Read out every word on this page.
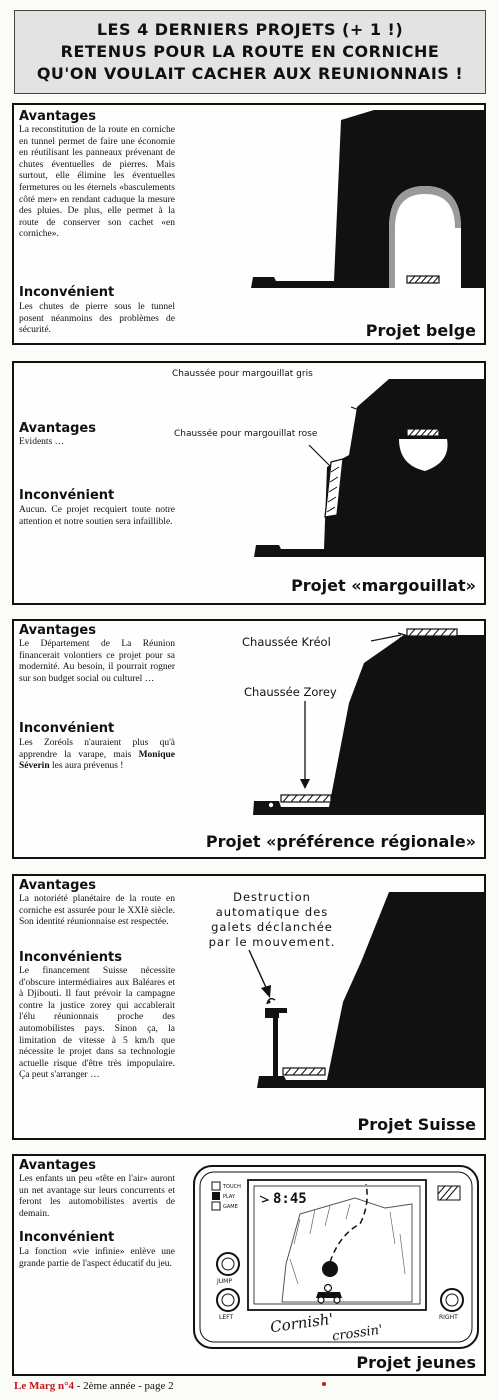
LES 4 DERNIERS PROJETS (+ 1 !)
RETENUS POUR LA ROUTE EN CORNICHE
QU'ON VOULAIT CACHER AUX REUNIONNAIS !
Avantages
La reconstitution de la route en corniche en tunnel permet de faire une économie en réutilisant les panneaux prévenant de chutes éventuelles de pierres. Mais surtout, elle élimine les éventuelles fermetures ou les éternels «basculements côté mer» en rendant caduque la mesure des pluies. De plus, elle permet à la route de conserver son cachet «en corniche».
Inconvénient
Les chutes de pierre sous le tunnel posent néanmoins des problèmes de sécurité.	Projet belge
Chaussée pour margouillat gris
Chaussée pour margouillat rose
Avantages
Evidents …
Inconvénient
Aucun. Ce projet recquiert toute notre attention et notre soutien sera infaillible.
Projet «margouillat»
Avantages
Le Département de La Réunion financerait volontiers ce projet pour sa modernité. Au besoin, il pourrait rogner sur son budget social ou culturel …
Inconvénient
Les Zoréols n'auraient plus qu'à apprendre la varape, mais Monique Séverin les aura prévenus !
Chaussée Kréol
Chaussée Zorey
Projet «préférence régionale»
Avantages
La notoriété planétaire de la route en corniche est assurée pour le XXIè siècle. Son identité réunionnaise est respectée.
Inconvénients
Le financement Suisse nécessite d'obscure intermédiaires aux Baléares et à Djibouti. Il faut prévoir la campagne contre la justice zorey qui accablerait l'élu réunionnais proche des automobilistes pays. Sinon ça, la limitation de vitesse à 5 km/h que nécessite le projet dans sa technologie actuelle risque d'être très impopulaire. Ça peut s'arranger …
Destruction
automatique des
galets déclanchée
par le mouvement.
Projet Suisse
Avantages
Les enfants un peu «tête en l'air» auront un net avantage sur leurs concurrents et feront les automobilistes avertis de demain.
Inconvénient
La fonction «vie infinie» enlève une grande partie de l'aspect éducatif du jeu.
8:45
TOUCH
PLAY
GAME
JUMP
LEFT	RIGHT
Cornish'
crossin'
Projet jeunes
Le Marg n°4 - 2ème année - page 2
